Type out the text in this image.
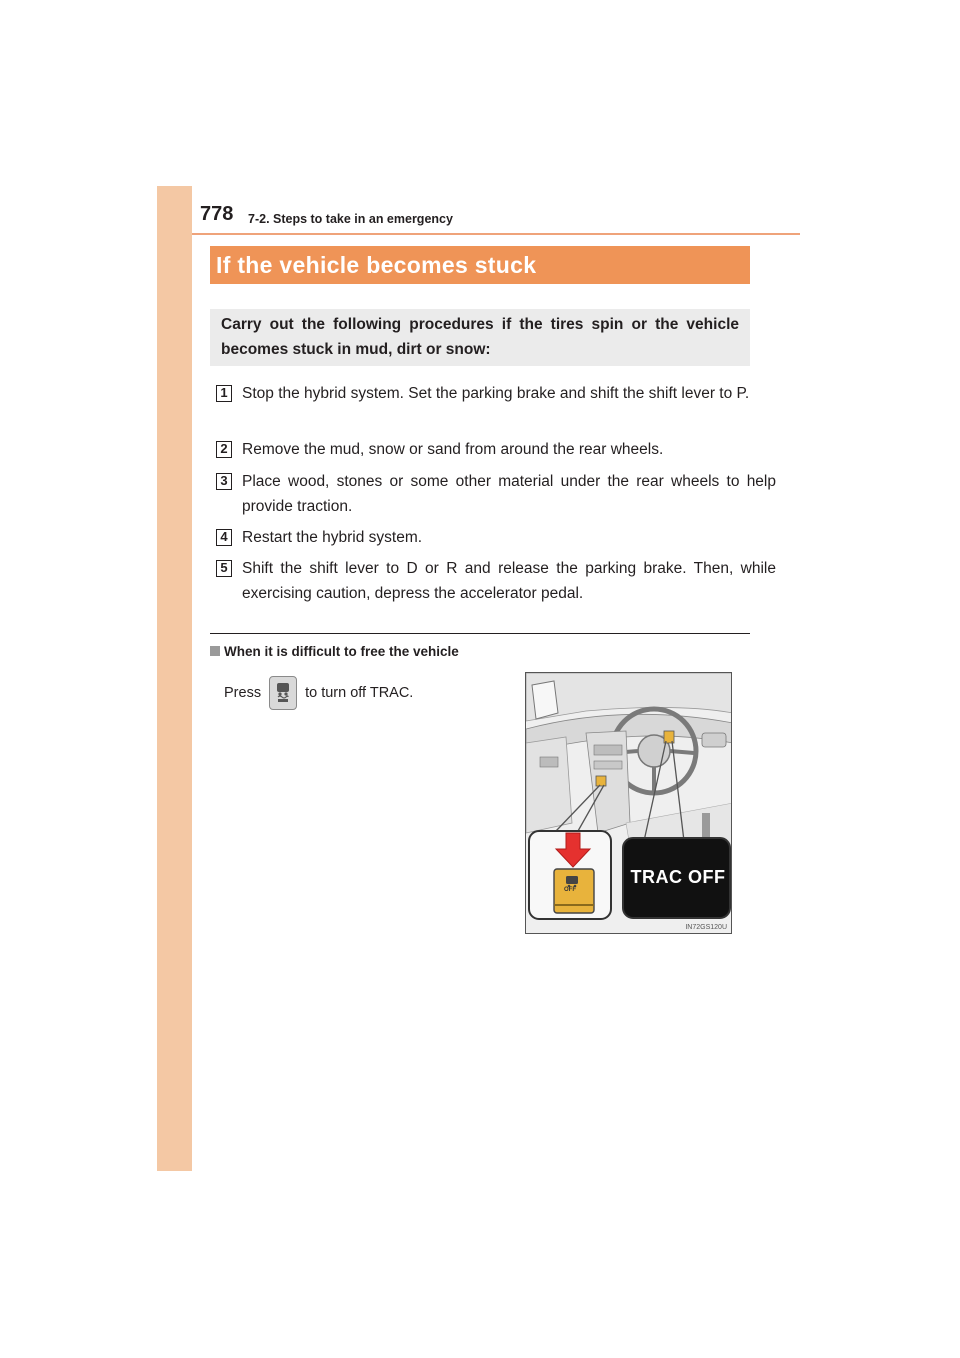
778 7-2. Steps to take in an emergency
If the vehicle becomes stuck
Carry out the following procedures if the tires spin or the vehicle becomes stuck in mud, dirt or snow:
1 Stop the hybrid system. Set the parking brake and shift the shift lever to P.
2 Remove the mud, snow or sand from around the rear wheels.
3 Place wood, stones or some other material under the rear wheels to help provide traction.
4 Restart the hybrid system.
5 Shift the shift lever to D or R and release the parking brake. Then, while exercising caution, depress the accelerator pedal.
When it is difficult to free the vehicle
Press	to turn off TRAC.
OFF
TRAC OFF
IN72GS120U
